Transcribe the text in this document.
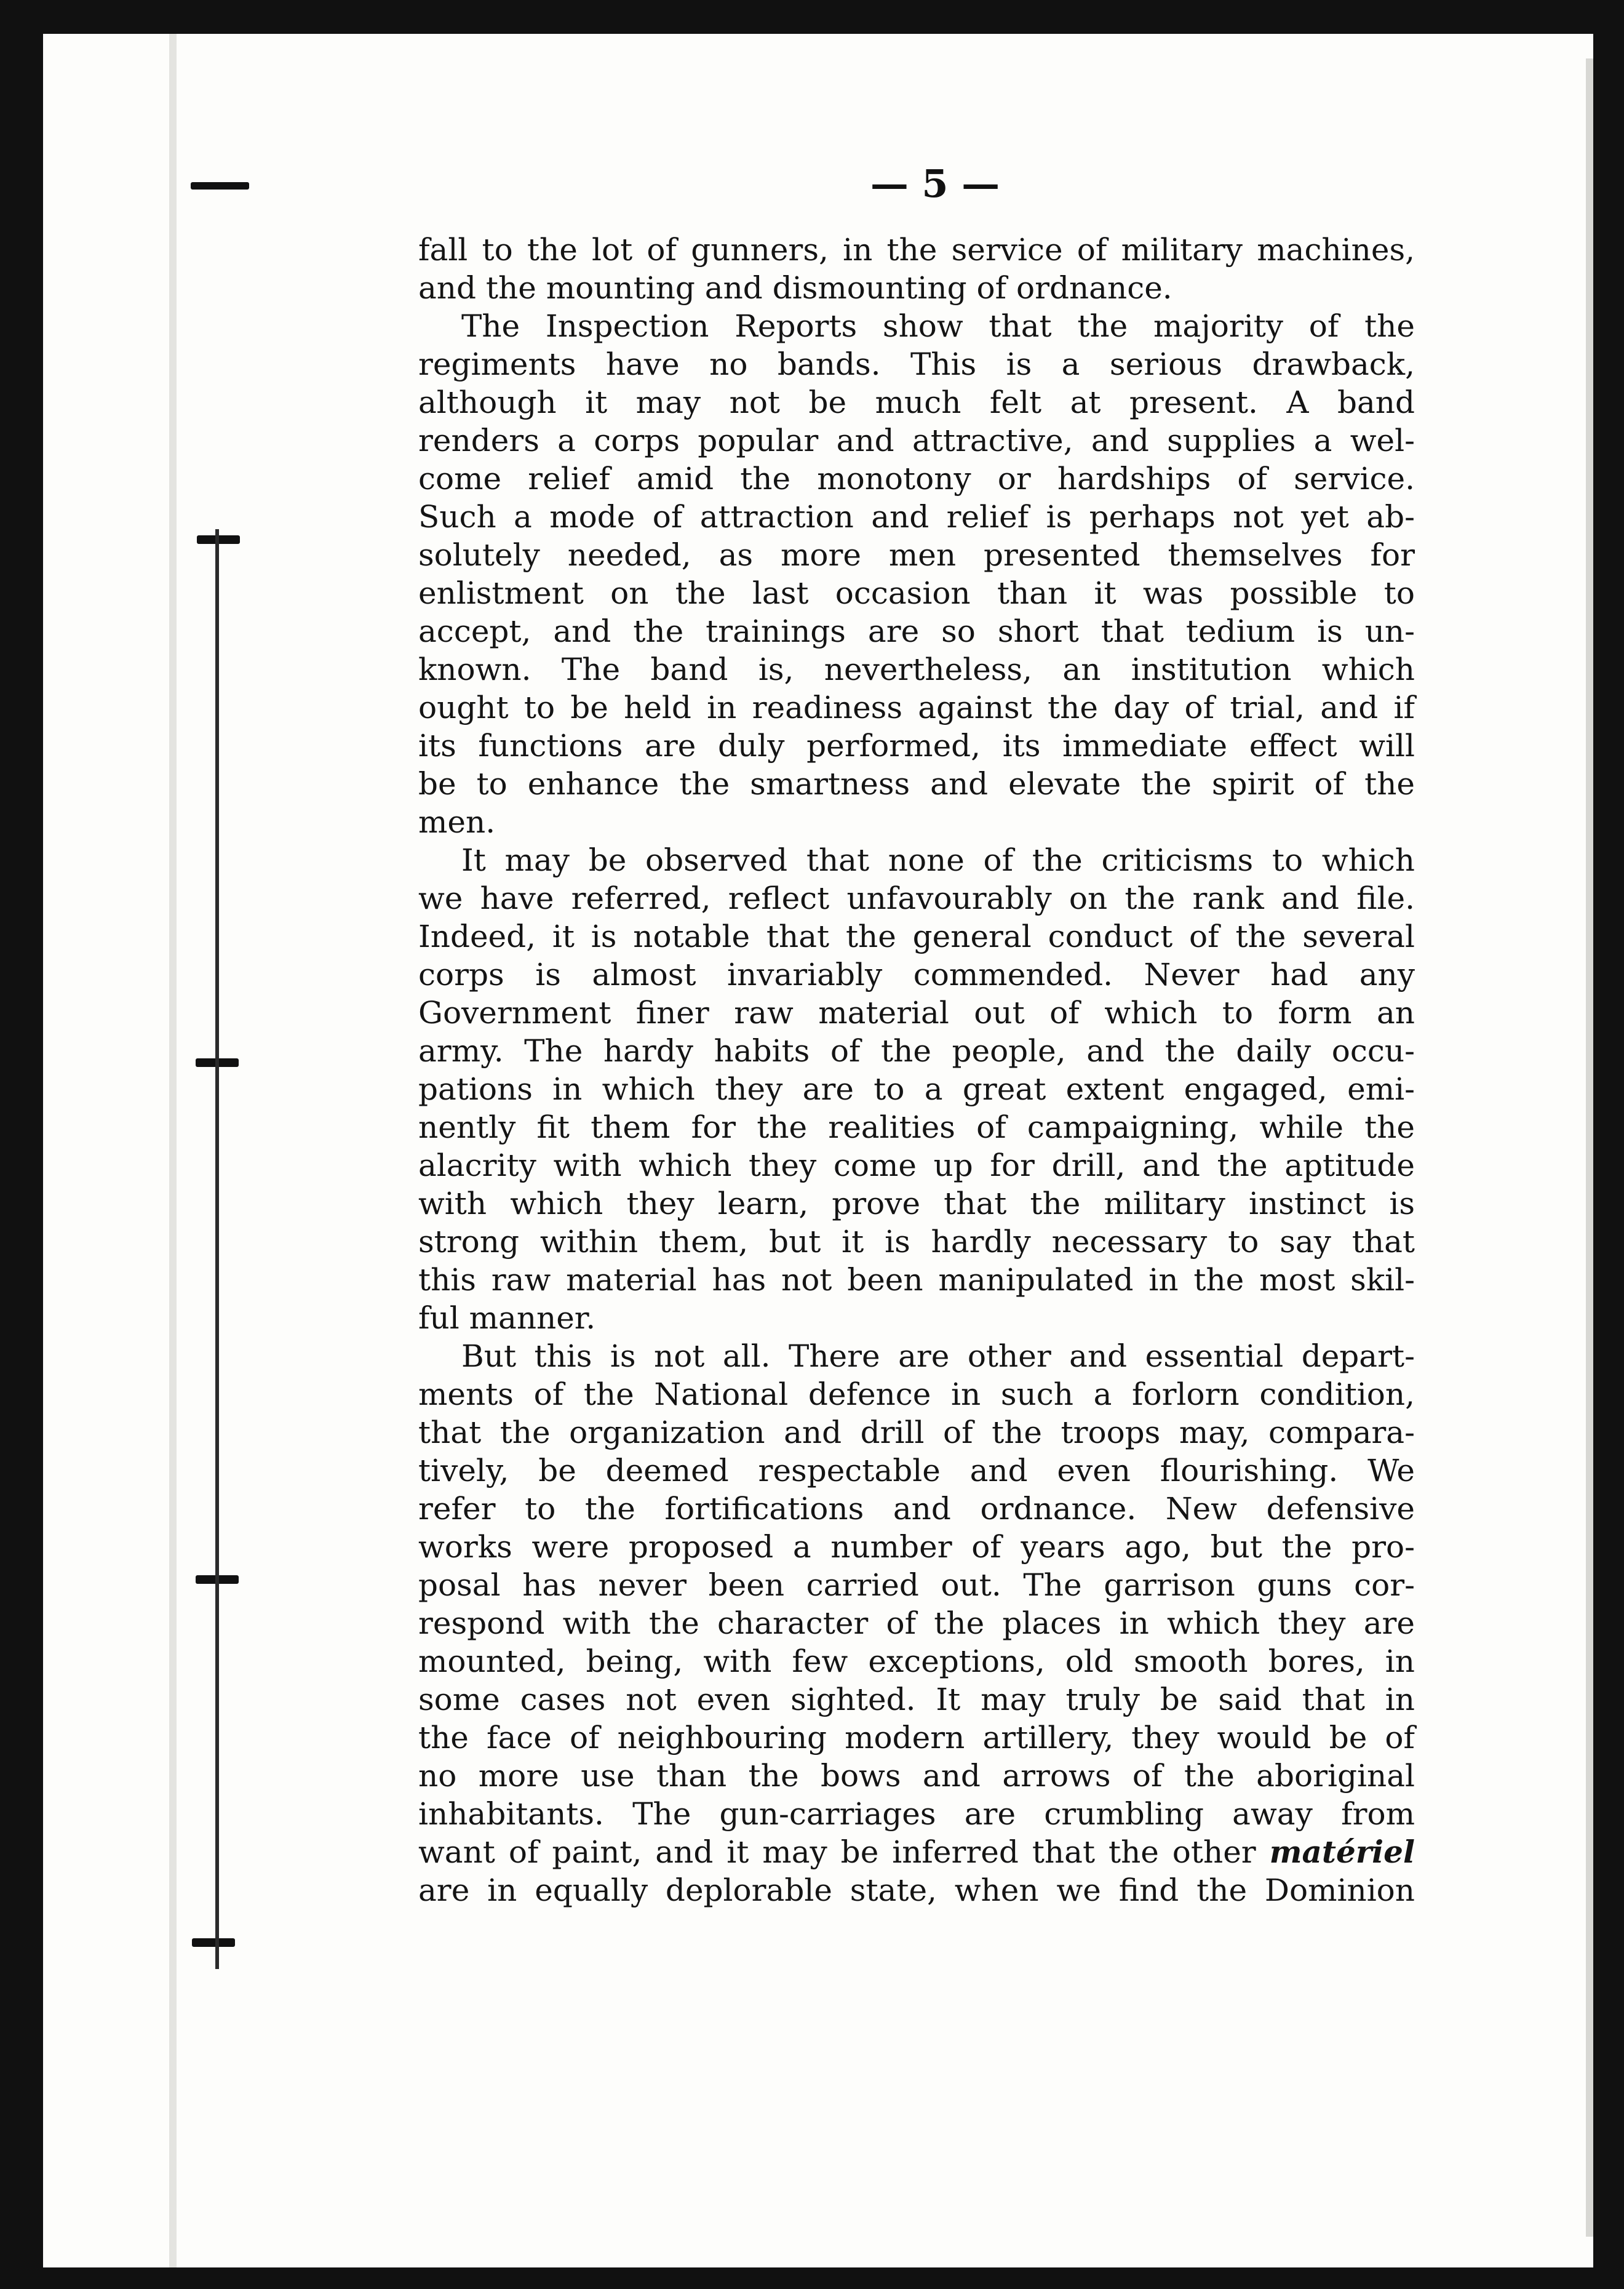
— 5 —
fall to the lot of gunners, in the service of military machines,
and the mounting and dismounting of ordnance.
The Inspection Reports show that the majority of the
regiments have no bands. This is a serious drawback,
although it may not be much felt at present. A band
renders a corps popular and attractive, and supplies a wel-
come relief amid the monotony or hardships of service.
Such a mode of attraction and relief is perhaps not yet ab-
solutely needed, as more men presented themselves for
enlistment on the last occasion than it was possible to
accept, and the trainings are so short that tedium is un-
known. The band is, nevertheless, an institution which
ought to be held in readiness against the day of trial, and if
its functions are duly performed, its immediate effect will
be to enhance the smartness and elevate the spirit of the
men.
It may be observed that none of the criticisms to which
we have referred, reflect unfavourably on the rank and file.
Indeed, it is notable that the general conduct of the several
corps is almost invariably commended. Never had any
Government finer raw material out of which to form an
army. The hardy habits of the people, and the daily occu-
pations in which they are to a great extent engaged, emi-
nently fit them for the realities of campaigning, while the
alacrity with which they come up for drill, and the aptitude
with which they learn, prove that the military instinct is
strong within them, but it is hardly necessary to say that
this raw material has not been manipulated in the most skil-
ful manner.
But this is not all. There are other and essential depart-
ments of the National defence in such a forlorn condition,
that the organization and drill of the troops may, compara-
tively, be deemed respectable and even flourishing. We
refer to the fortifications and ordnance. New defensive
works were proposed a number of years ago, but the pro-
posal has never been carried out. The garrison guns cor-
respond with the character of the places in which they are
mounted, being, with few exceptions, old smooth bores, in
some cases not even sighted. It may truly be said that in
the face of neighbouring modern artillery, they would be of
no more use than the bows and arrows of the aboriginal
inhabitants. The gun-carriages are crumbling away from
want of paint, and it may be inferred that the other matériel
are in equally deplorable state, when we find the Dominion
